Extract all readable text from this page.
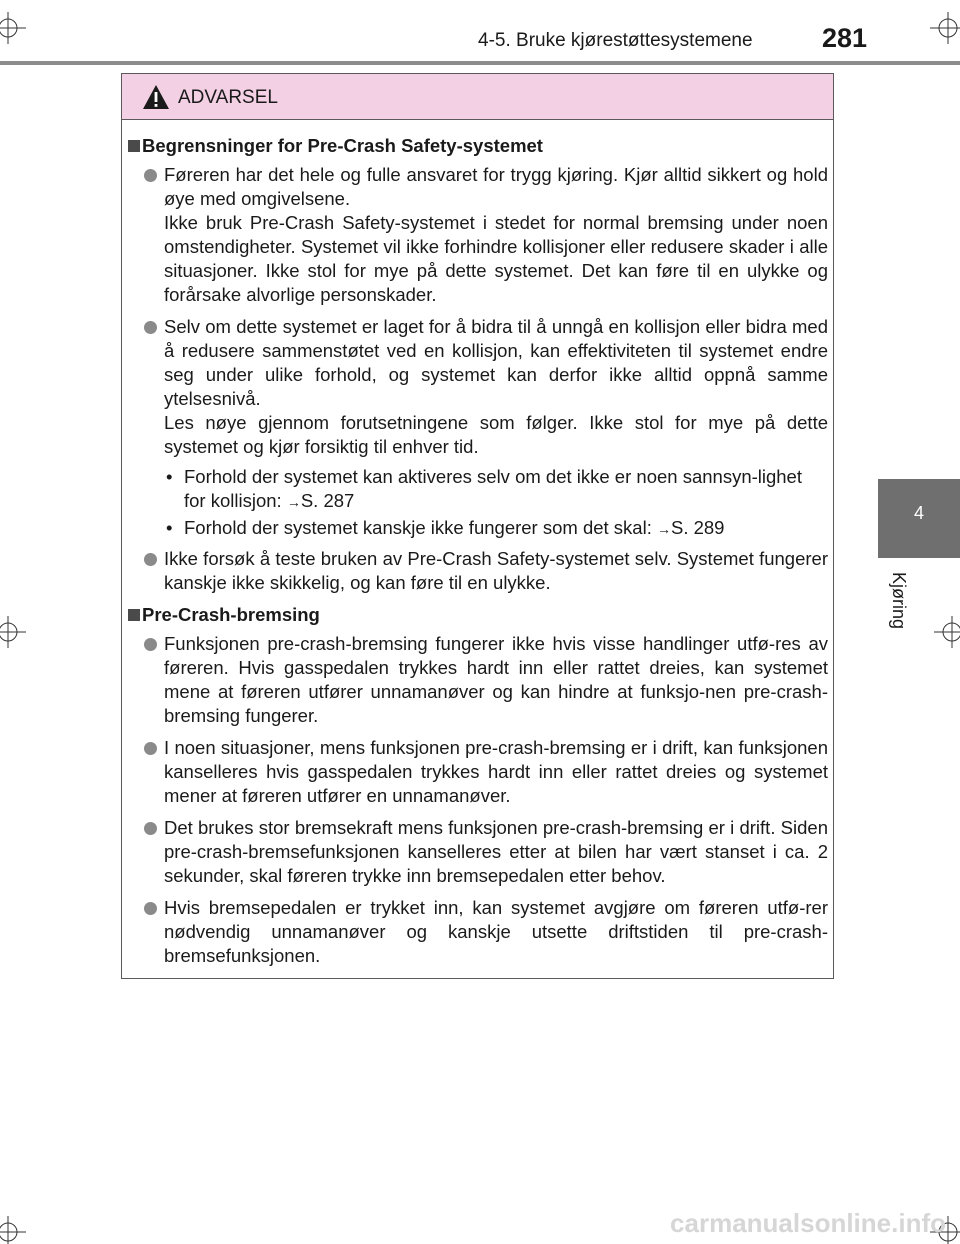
4-5. Bruke kjørestøttesystemene	281
4
Kjøring
ADVARSEL
Begrensninger for Pre-Crash Safety-systemet

Føreren har det hele og fulle ansvaret for trygg kjøring. Kjør alltid sikkert og hold øye med omgivelsene.

Ikke bruk Pre-Crash Safety-systemet i stedet for normal bremsing under noen omstendigheter. Systemet vil ikke forhindre kollisjoner eller redusere skader i alle situasjoner. Ikke stol for mye på dette systemet. Det kan føre til en ulykke og forårsake alvorlige personskader.

Selv om dette systemet er laget for å bidra til å unngå en kollisjon eller bidra med å redusere sammenstøtet ved en kollisjon, kan effektiviteten til systemet endre seg under ulike forhold, og systemet kan derfor ikke alltid oppnå samme ytelsesnivå.

Les nøye gjennom forutsetningene som følger. Ikke stol for mye på dette systemet og kjør forsiktig til enhver tid.

• Forhold der systemet kan aktiveres selv om det ikke er noen sannsyn-lighet for kollisjon: →S. 287
• Forhold der systemet kanskje ikke fungerer som det skal: →S. 289

Ikke forsøk å teste bruken av Pre-Crash Safety-systemet selv. Systemet fungerer kanskje ikke skikkelig, og kan føre til en ulykke.

Pre-Crash-bremsing

Funksjonen pre-crash-bremsing fungerer ikke hvis visse handlinger utfø-res av føreren. Hvis gasspedalen trykkes hardt inn eller rattet dreies, kan systemet mene at føreren utfører unnamanøver og kan hindre at funksjo-nen pre-crash-bremsing fungerer.

I noen situasjoner, mens funksjonen pre-crash-bremsing er i drift, kan funksjonen kanselleres hvis gasspedalen trykkes hardt inn eller rattet dreies og systemet mener at føreren utfører en unnamanøver.

Det brukes stor bremsekraft mens funksjonen pre-crash-bremsing er i drift. Siden pre-crash-bremsefunksjonen kanselleres etter at bilen har vært stanset i ca. 2 sekunder, skal føreren trykke inn bremsepedalen etter behov.

Hvis bremsepedalen er trykket inn, kan systemet avgjøre om føreren utfø-rer nødvendig unnamanøver og kanskje utsette driftstiden til pre-crash-bremsefunksjonen.

carmanualsonline.info
